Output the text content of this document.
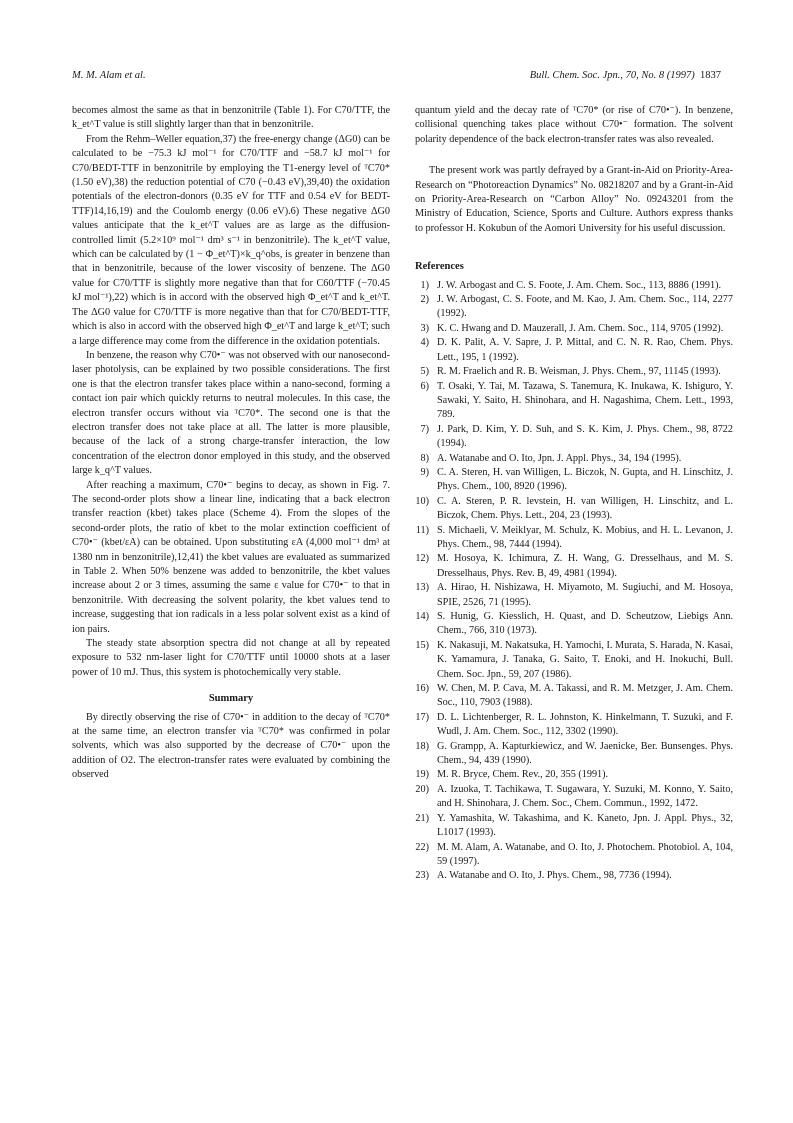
M. M. Alam et al.	Bull. Chem. Soc. Jpn., 70, No. 8 (1997) 1837

becomes almost the same as that in benzonitrile (Table 1). For C70/TTF, the k_et^T value is still slightly larger than that in benzonitrile.

From the Rehm–Weller equation,37) the free-energy change (ΔG0) can be calculated to be −75.3 kJ mol⁻¹ for C70/TTF and −58.7 kJ mol⁻¹ for C70/BEDT-TTF in benzonitrile by employing the T1-energy level of ᵀC70* (1.50 eV),38) the reduction potential of C70 (−0.43 eV),39,40) the oxidation potentials of the electron-donors (0.35 eV for TTF and 0.54 eV for BEDT-TTF)14,16,19) and the Coulomb energy (0.06 eV).6) These negative ΔG0 values anticipate that the k_et^T values are as large as the diffusion-controlled limit (5.2×10⁹ mol⁻¹ dm³ s⁻¹ in benzonitrile). The k_et^T value, which can be calculated by (1 − Φ_et^T)×k_q^obs, is greater in benzene than that in benzonitrile, because of the lower viscosity of benzene. The ΔG0 value for C70/TTF is slightly more negative than that for C60/TTF (−70.45 kJ mol⁻¹),22) which is in accord with the observed high Φ_et^T and k_et^T. The ΔG0 value for C70/TTF is more negative than that for C70/BEDT-TTF, which is also in accord with the observed high Φ_et^T and large k_et^T; such a large difference may come from the difference in the oxidation potentials.

In benzene, the reason why C70•⁻ was not observed with our nanosecond-laser photolysis, can be explained by two possible considerations. The first one is that the electron transfer takes place within a nano-second, forming a contact ion pair which quickly returns to neutral molecules. In this case, the electron transfer occurs without via ᵀC70*. The second one is that the electron transfer does not take place at all. The latter is more plausible, because of the lack of a strong charge-transfer interaction, the low concentration of the electron donor employed in this study, and the observed large k_q^T values.

After reaching a maximum, C70•⁻ begins to decay, as shown in Fig. 7. The second-order plots show a linear line, indicating that a back electron transfer reaction (kbet) takes place (Scheme 4). From the slopes of the second-order plots, the ratio of kbet to the molar extinction coefficient of C70•⁻ (kbet/εA) can be obtained. Upon substituting εA (4,000 mol⁻¹ dm³ at 1380 nm in benzonitrile),12,41) the kbet values are evaluated as summarized in Table 2. When 50% benzene was added to benzonitrile, the kbet values increase about 2 or 3 times, assuming the same ε value for C70•⁻ to that in benzonitrile. With decreasing the solvent polarity, the kbet values tend to increase, suggesting that ion radicals in a less polar solvent exist as a kind of ion pairs.

The steady state absorption spectra did not change at all by repeated exposure to 532 nm-laser light for C70/TTF until 10000 shots at a laser power of 10 mJ. Thus, this system is photochemically very stable.

Summary

By directly observing the rise of C70•⁻ in addition to the decay of ᵀC70* at the same time, an electron transfer via ᵀC70* was confirmed in polar solvents, which was also supported by the decrease of C70•⁻ upon the addition of O2. The electron-transfer rates were evaluated by combining the observed

quantum yield and the decay rate of ᵀC70* (or rise of C70•⁻). In benzene, collisional quenching takes place without C70•⁻ formation. The solvent polarity dependence of the back electron-transfer rates was also revealed.

The present work was partly defrayed by a Grant-in-Aid on Priority-Area-Research on “Photoreaction Dynamics” No. 08218207 and by a Grant-in-Aid on Priority-Area-Research on “Carbon Alloy” No. 09243201 from the Ministry of Education, Science, Sports and Culture. Authors express thanks to professor H. Kokubun of the Aomori University for his useful discussion.

References
1) J. W. Arbogast and C. S. Foote, J. Am. Chem. Soc., 113, 8886 (1991).
2) J. W. Arbogast, C. S. Foote, and M. Kao, J. Am. Chem. Soc., 114, 2277 (1992).
3) K. C. Hwang and D. Mauzerall, J. Am. Chem. Soc., 114, 9705 (1992).
4) D. K. Palit, A. V. Sapre, J. P. Mittal, and C. N. R. Rao, Chem. Phys. Lett., 195, 1 (1992).
5) R. M. Fraelich and R. B. Weisman, J. Phys. Chem., 97, 11145 (1993).
6) T. Osaki, Y. Tai, M. Tazawa, S. Tanemura, K. Inukawa, K. Ishiguro, Y. Sawaki, Y. Saito, H. Shinohara, and H. Nagashima, Chem. Lett., 1993, 789.
7) J. Park, D. Kim, Y. D. Suh, and S. K. Kim, J. Phys. Chem., 98, 8722 (1994).
8) A. Watanabe and O. Ito, Jpn. J. Appl. Phys., 34, 194 (1995).
9) C. A. Steren, H. van Willigen, L. Biczok, N. Gupta, and H. Linschitz, J. Phys. Chem., 100, 8920 (1996).
10) C. A. Steren, P. R. levstein, H. van Willigen, H. Linschitz, and L. Biczok, Chem. Phys. Lett., 204, 23 (1993).
11) S. Michaeli, V. Meiklyar, M. Schulz, K. Mobius, and H. L. Levanon, J. Phys. Chem., 98, 7444 (1994).
12) M. Hosoya, K. Ichimura, Z. H. Wang, G. Dresselhaus, and M. S. Dresselhaus, Phys. Rev. B, 49, 4981 (1994).
13) A. Hirao, H. Nishizawa, H. Miyamoto, M. Sugiuchi, and M. Hosoya, SPIE, 2526, 71 (1995).
14) S. Hunig, G. Kiesslich, H. Quast, and D. Scheutzow, Liebigs Ann. Chem., 766, 310 (1973).
15) K. Nakasuji, M. Nakatsuka, H. Yamochi, I. Murata, S. Harada, N. Kasai, K. Yamamura, J. Tanaka, G. Saito, T. Enoki, and H. Inokuchi, Bull. Chem. Soc. Jpn., 59, 207 (1986).
16) W. Chen, M. P. Cava, M. A. Takassi, and R. M. Metzger, J. Am. Chem. Soc., 110, 7903 (1988).
17) D. L. Lichtenberger, R. L. Johnston, K. Hinkelmann, T. Suzuki, and F. Wudl, J. Am. Chem. Soc., 112, 3302 (1990).
18) G. Grampp, A. Kapturkiewicz, and W. Jaenicke, Ber. Bunsenges. Phys. Chem., 94, 439 (1990).
19) M. R. Bryce, Chem. Rev., 20, 355 (1991).
20) A. Izuoka, T. Tachikawa, T. Sugawara, Y. Suzuki, M. Konno, Y. Saito, and H. Shinohara, J. Chem. Soc., Chem. Commun., 1992, 1472.
21) Y. Yamashita, W. Takashima, and K. Kaneto, Jpn. J. Appl. Phys., 32, L1017 (1993).
22) M. M. Alam, A. Watanabe, and O. Ito, J. Photochem. Photobiol. A, 104, 59 (1997).
23) A. Watanabe and O. Ito, J. Phys. Chem., 98, 7736 (1994).
